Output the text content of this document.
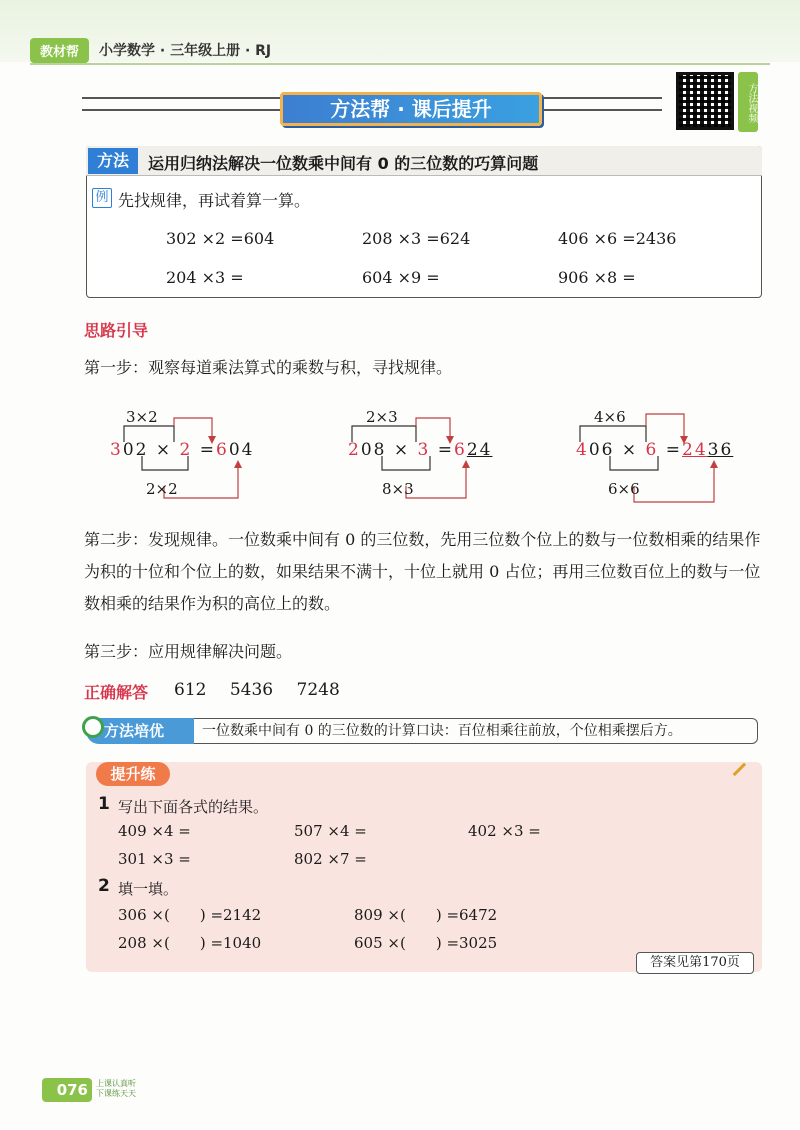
教材帮	小学数学 · 三年级上册 · RJ
方法帮 · 课后提升	方法视频
方法	运用归纳法解决一位数乘中间有 0 的三位数的巧算问题
例 先找规律，再试着算一算。
302 ×2 =604	208 ×3 =624	406 ×6 =2436
204 ×3 =	604 ×9 =	906 ×8 =
思路引导
第一步：观察每道乘法算式的乘数与积，寻找规律。
3×2
302 × 2 =604
2×2
2×3
208 × 3 =624
8×3
4×6
406 × 6 =2436
6×6
第二步：发现规律。一位数乘中间有 0 的三位数，先用三位数个位上的数与一位数相乘的结果作为积的十位和个位上的数，如果结果不满十，十位上就用 0 占位；再用三位数百位上的数与一位数相乘的结果作为积的高位上的数。
第三步：应用规律解决问题。
正确解答 612 5436 7248
方法培优	一位数乘中间有 0 的三位数的计算口诀：百位相乘往前放，个位相乘摆后方。
提升练
1 写出下面各式的结果。
409 ×4 =	507 ×4 =	402 ×3 =
301 ×3 =	802 ×7 =
2 填一填。
306 ×(　　) =2142	809 ×(　　) =6472
208 ×(　　) =1040	605 ×(　　) =3025
答案见第170页
076	上课认真听
下课练天天
